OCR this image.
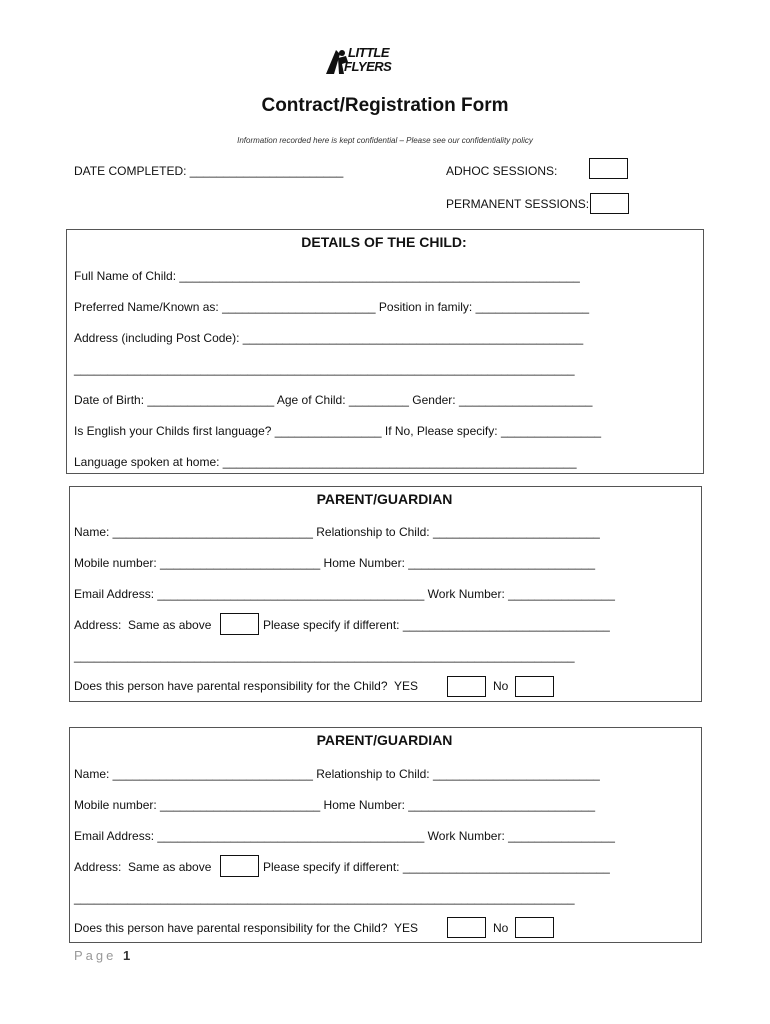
LITTLE
FLYERS
Contract/Registration Form
Information recorded here is kept confidential – Please see our confidentiality policy
DATE COMPLETED: _______________________	ADHOC SESSIONS:
PERMANENT SESSIONS:
DETAILS OF THE CHILD:
Full Name of Child: ____________________________________________________________
Preferred Name/Known as: _______________________ Position in family: _________________
Address (including Post Code): ___________________________________________________
___________________________________________________________________________
Date of Birth: ___________________ Age of Child: _________ Gender: ____________________
Is English your Childs first language? ________________ If No, Please specify: _______________
Language spoken at home: _____________________________________________________
PARENT/GUARDIAN
Name: ______________________________ Relationship to Child: _________________________
Mobile number: ________________________ Home Number: ____________________________
Email Address: ________________________________________ Work Number: ________________
Address:  Same as above	Please specify if different: _______________________________
___________________________________________________________________________
Does this person have parental responsibility for the Child?  YES	No
PARENT/GUARDIAN
Name: ______________________________ Relationship to Child: _________________________
Mobile number: ________________________ Home Number: ____________________________
Email Address: ________________________________________ Work Number: ________________
Address:  Same as above	Please specify if different: _______________________________
___________________________________________________________________________
Does this person have parental responsibility for the Child?  YES	No
Page 1
